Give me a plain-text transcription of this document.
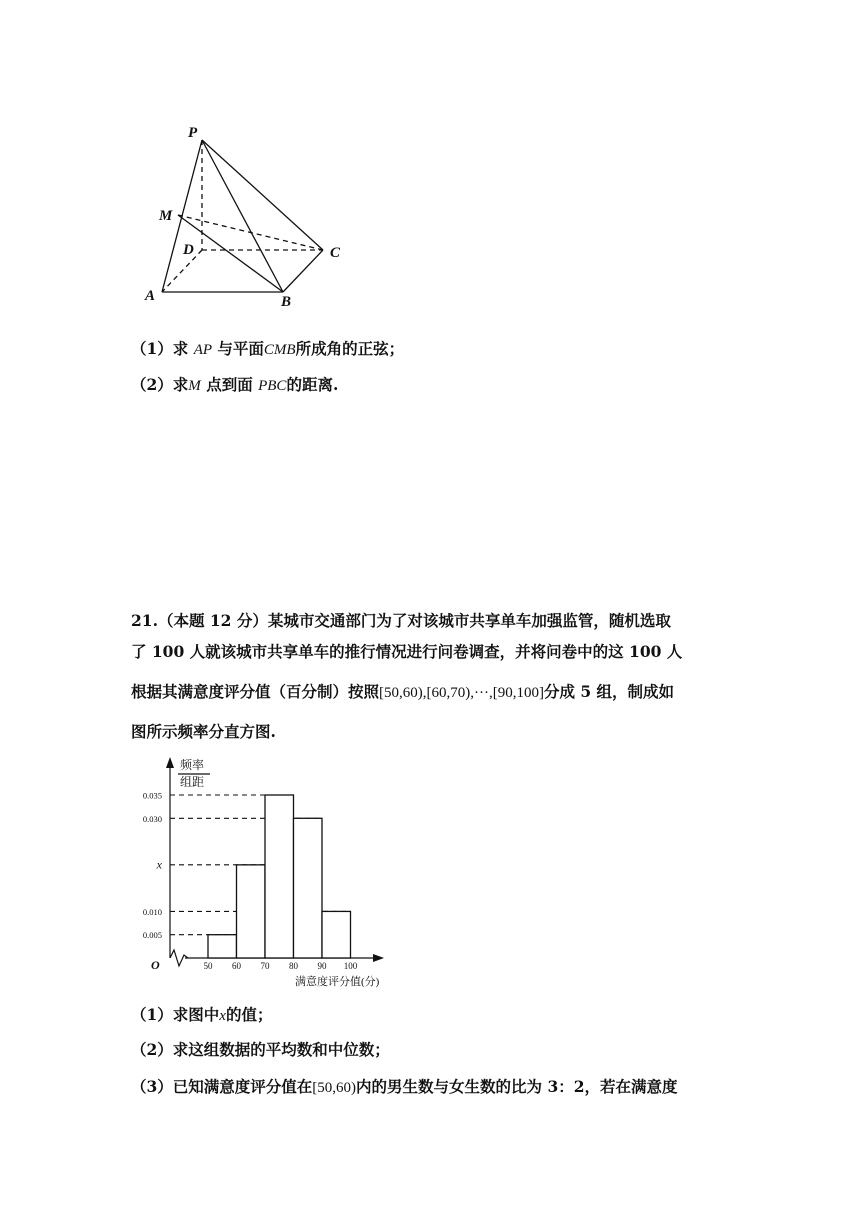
P
M
D	C
A	B
（1）求 AP 与平面CMB所成角的正弦；
（2）求M 点到面 PBC的距离.
21.（本题 12 分）某城市交通部门为了对该城市共享单车加强监管，随机选取
了 100 人就该城市共享单车的推行情况进行问卷调查，并将问卷中的这 100 人
根据其满意度评分值（百分制）按照[50,60),[60,70),···,[90,100]分成 5 组，制成如
图所示频率分直方图.
频率
组距
O
满意度评分值(分)
0.035
0.030
x
0.010
0.005
50 60 70 80 90 100
（1）求图中x的值；
（2）求这组数据的平均数和中位数；
（3）已知满意度评分值在[50,60)内的男生数与女生数的比为 3：2，若在满意度
